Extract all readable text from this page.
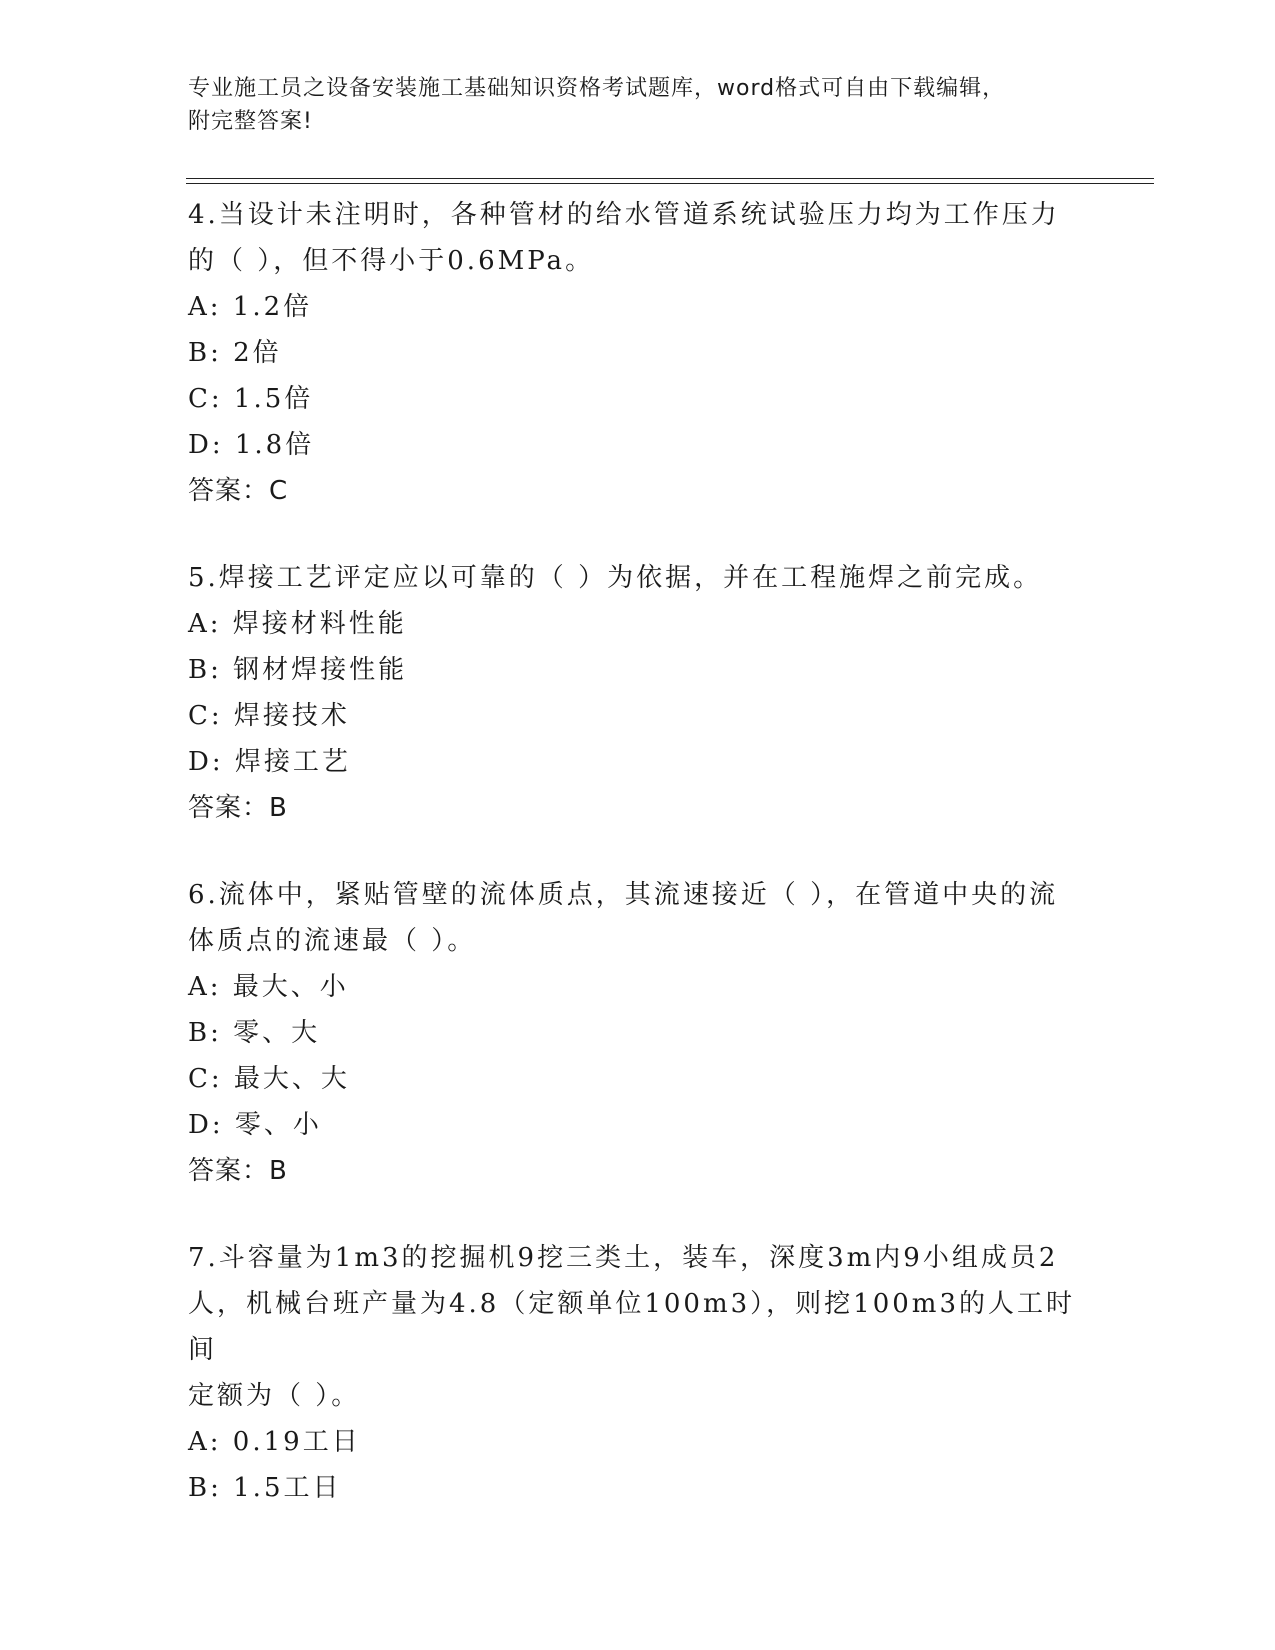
专业施工员之设备安装施工基础知识资格考试题库，word格式可自由下载编辑，
附完整答案!

4.当设计未注明时，各种管材的给水管道系统试验压力均为工作压力

的（ ），但不得小于0.6MPa。

A: 1.2倍

B: 2倍

C: 1.5倍

D: 1.8倍

答案：C

5.焊接工艺评定应以可靠的（ ）为依据，并在工程施焊之前完成。

A: 焊接材料性能

B: 钢材焊接性能

C: 焊接技术

D: 焊接工艺

答案：B

6.流体中，紧贴管壁的流体质点，其流速接近（ ），在管道中央的流

体质点的流速最（ ）。

A: 最大、小

B: 零、大

C: 最大、大

D: 零、小

答案：B

7.斗容量为1m3的挖掘机9挖三类土，装车，深度3m内9小组成员2

人，机械台班产量为4.8（定额单位100m3），则挖100m3的人工时间

定额为（ ）。

A: 0.19工日

B: 1.5工日
